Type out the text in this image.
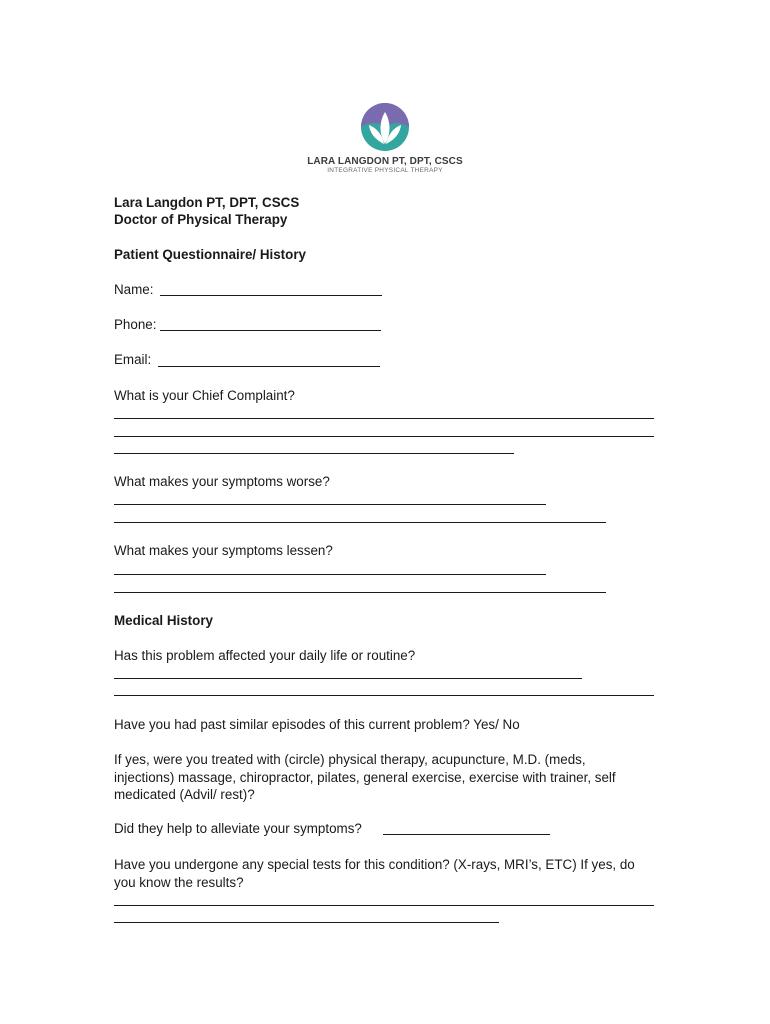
LARA LANGDON PT, DPT, CSCS
INTEGRATIVE PHYSICAL THERAPY
Lara Langdon PT, DPT, CSCS
Doctor of Physical Therapy
Patient Questionnaire/ History
Name:
Phone:
Email:
What is your Chief Complaint?
What makes your symptoms worse?
What makes your symptoms lessen?
Medical History
Has this problem affected your daily life or routine?
Have you had past similar episodes of this current problem? Yes/ No
If yes, were you treated with (circle) physical therapy, acupuncture, M.D. (meds,
injections) massage, chiropractor, pilates, general exercise, exercise with trainer, self
medicated (Advil/ rest)?
Did they help to alleviate your symptoms?
Have you undergone any special tests for this condition? (X-rays, MRI’s, ETC) If yes, do
you know the results?
